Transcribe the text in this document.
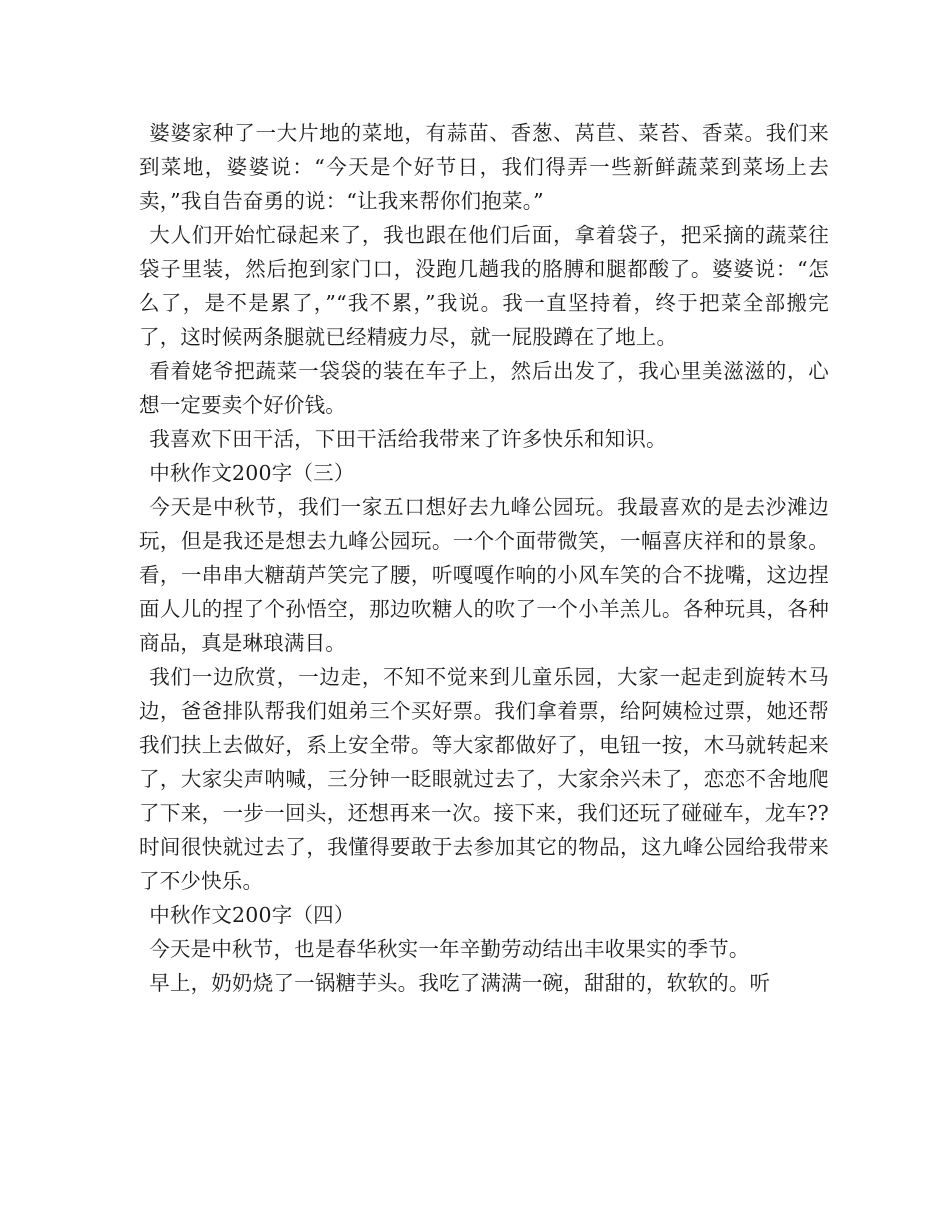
婆婆家种了一大片地的菜地，有蒜苗、香葱、莴苣、菜苔、香菜。我们来到菜地，婆婆说：“今天是个好节日，我们得弄一些新鲜蔬菜到菜场上去卖，”我自告奋勇的说：“让我来帮你们抱菜。”

大人们开始忙碌起来了，我也跟在他们后面，拿着袋子，把采摘的蔬菜往袋子里装，然后抱到家门口，没跑几趟我的胳膊和腿都酸了。婆婆说：“怎么了，是不是累了，”“我不累，”我说。我一直坚持着，终于把菜全部搬完了，这时候两条腿就已经精疲力尽，就一屁股蹲在了地上。

看着姥爷把蔬菜一袋袋的装在车子上，然后出发了，我心里美滋滋的，心想一定要卖个好价钱。

我喜欢下田干活，下田干活给我带来了许多快乐和知识。

中秋作文200字（三）

今天是中秋节，我们一家五口想好去九峰公园玩。我最喜欢的是去沙滩边玩，但是我还是想去九峰公园玩。一个个面带微笑，一幅喜庆祥和的景象。看，一串串大糖葫芦笑完了腰，听嘎嘎作响的小风车笑的合不拢嘴，这边捏面人儿的捏了个孙悟空，那边吹糖人的吹了一个小羊羔儿。各种玩具，各种商品，真是琳琅满目。

我们一边欣赏，一边走，不知不觉来到儿童乐园，大家一起走到旋转木马边，爸爸排队帮我们姐弟三个买好票。我们拿着票，给阿姨检过票，她还帮我们扶上去做好，系上安全带。等大家都做好了，电钮一按，木马就转起来了，大家尖声呐喊，三分钟一眨眼就过去了，大家余兴未了，恋恋不舍地爬了下来，一步一回头，还想再来一次。接下来，我们还玩了碰碰车，龙车??时间很快就过去了，我懂得要敢于去参加其它的物品，这九峰公园给我带来了不少快乐。

中秋作文200字（四）

今天是中秋节，也是春华秋实一年辛勤劳动结出丰收果实的季节。

早上，奶奶烧了一锅糖芋头。我吃了满满一碗，甜甜的，软软的。听
